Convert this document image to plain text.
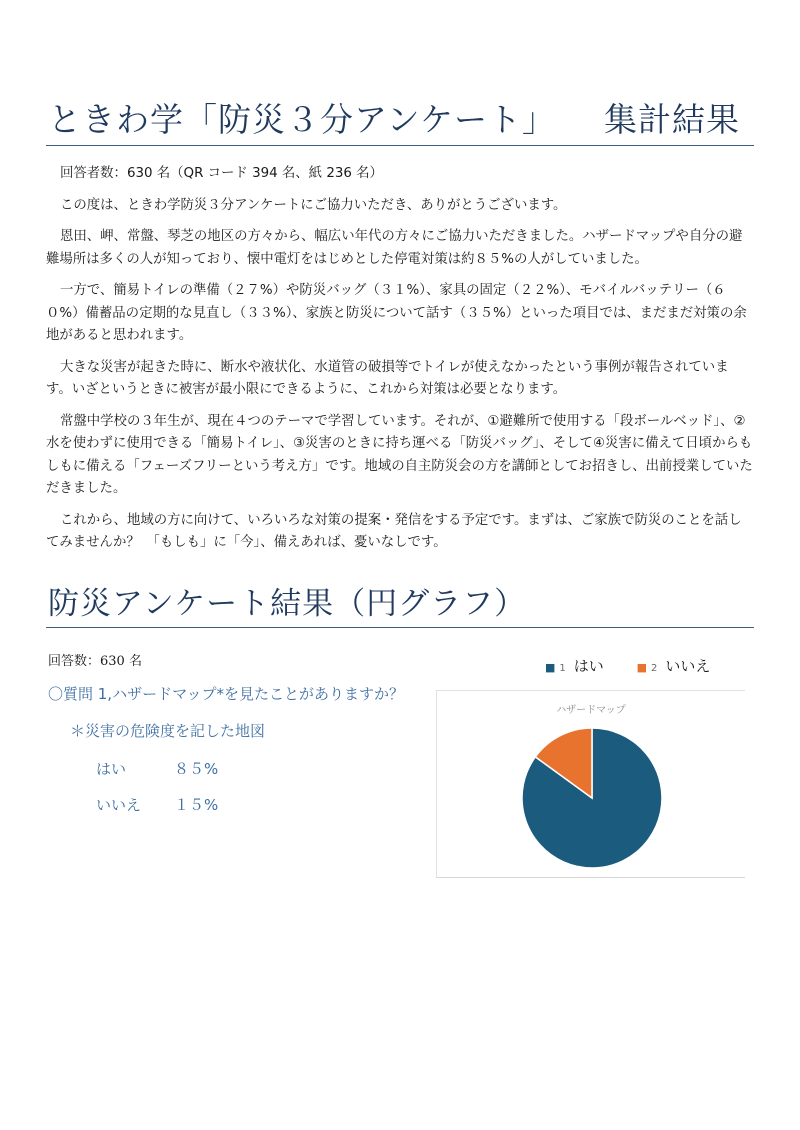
ときわ学「防災３分アンケート」 集計結果

回答者数：630 名（QR コード 394 名、紙 236 名）

この度は、ときわ学防災３分アンケートにご協力いただき、ありがとうございます。

恩田、岬、常盤、琴芝の地区の方々から、幅広い年代の方々にご協力いただきました。ハザードマップや自分の避難場所は多くの人が知っており、懐中電灯をはじめとした停電対策は約８５%の人がしていました。

一方で、簡易トイレの準備（２７%）や防災バッグ（３１%）、家具の固定（２２%）、モバイルバッテリー（６０%）備蓄品の定期的な見直し（３３%）、家族と防災について話す（３５%）といった項目では、まだまだ対策の余地があると思われます。

大きな災害が起きた時に、断水や液状化、水道管の破損等でトイレが使えなかったという事例が報告されています。いざというときに被害が最小限にできるように、これから対策は必要となります。

常盤中学校の３年生が、現在４つのテーマで学習しています。それが、①避難所で使用する「段ボールベッド」、②水を使わずに使用できる「簡易トイレ」、③災害のときに持ち運べる「防災バッグ」、そして④災害に備えて日頃からもしもに備える「フェーズフリーという考え方」です。地域の自主防災会の方を講師としてお招きし、出前授業していただきました。

これから、地域の方に向けて、いろいろな対策の提案・発信をする予定です。まずは、ご家族で防災のことを話してみませんか？　「もしも」に「今」、備えあれば、憂いなしです。

防災アンケート結果（円グラフ）
回答数：630 名
〇質問 1,ハザードマップ*を見たことがありますか？
＊災害の危険度を記した地図
はい	８５%
いいえ １５%
■ 1 はい	■ 2 いいえ
ハザードマップ
